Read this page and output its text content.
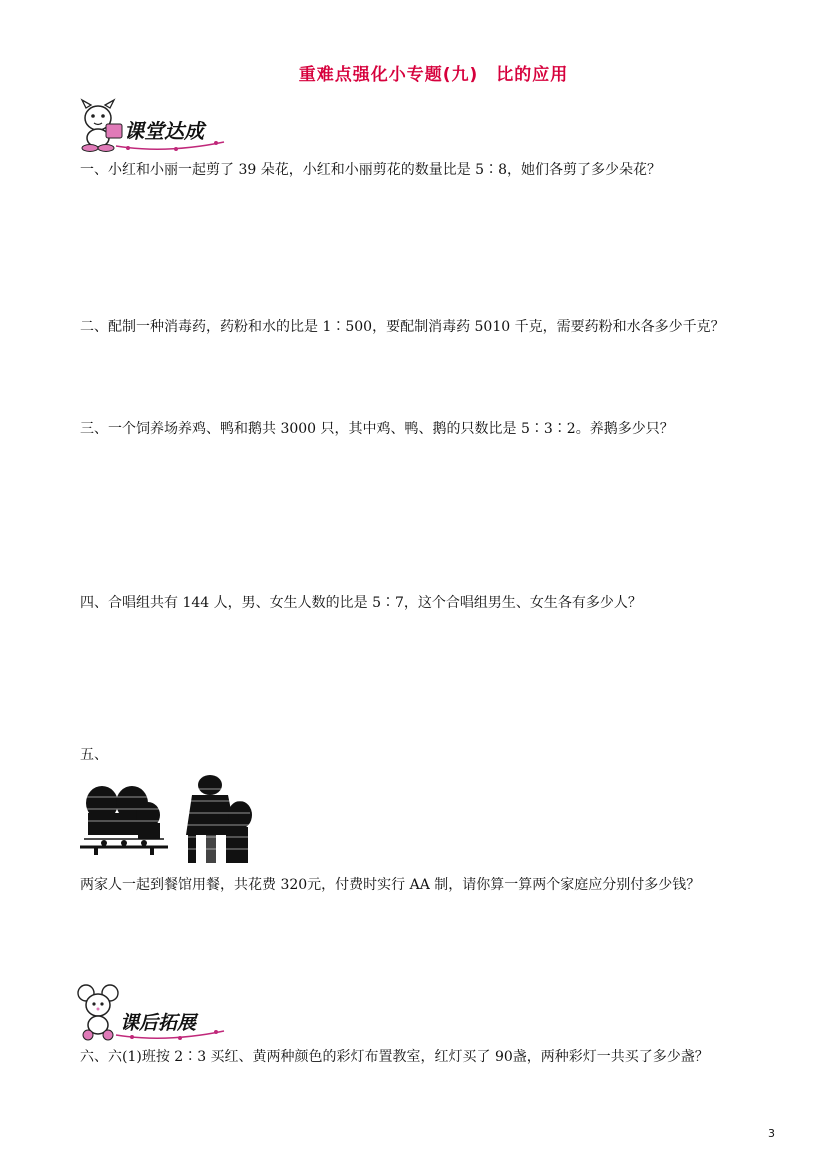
重难点强化小专题(九)　比的应用
课堂达成
一、小红和小丽一起剪了 39 朵花，小红和小丽剪花的数量比是 5∶8，她们各剪了多少朵花？
二、配制一种消毒药，药粉和水的比是 1∶500，要配制消毒药 5010 千克，需要药粉和水各多少千克？
三、一个饲养场养鸡、鸭和鹅共 3000 只，其中鸡、鸭、鹅的只数比是 5∶3∶2。养鹅多少只？
四、合唱组共有 144 人，男、女生人数的比是 5∶7，这个合唱组男生、女生各有多少人？
五、
两家人一起到餐馆用餐，共花费 320元，付费时实行 AA 制，请你算一算两个家庭应分别付多少钱？
课后拓展
六、六(1)班按 2∶3 买红、黄两种颜色的彩灯布置教室，红灯买了 90盏，两种彩灯一共买了多少盏？
3
